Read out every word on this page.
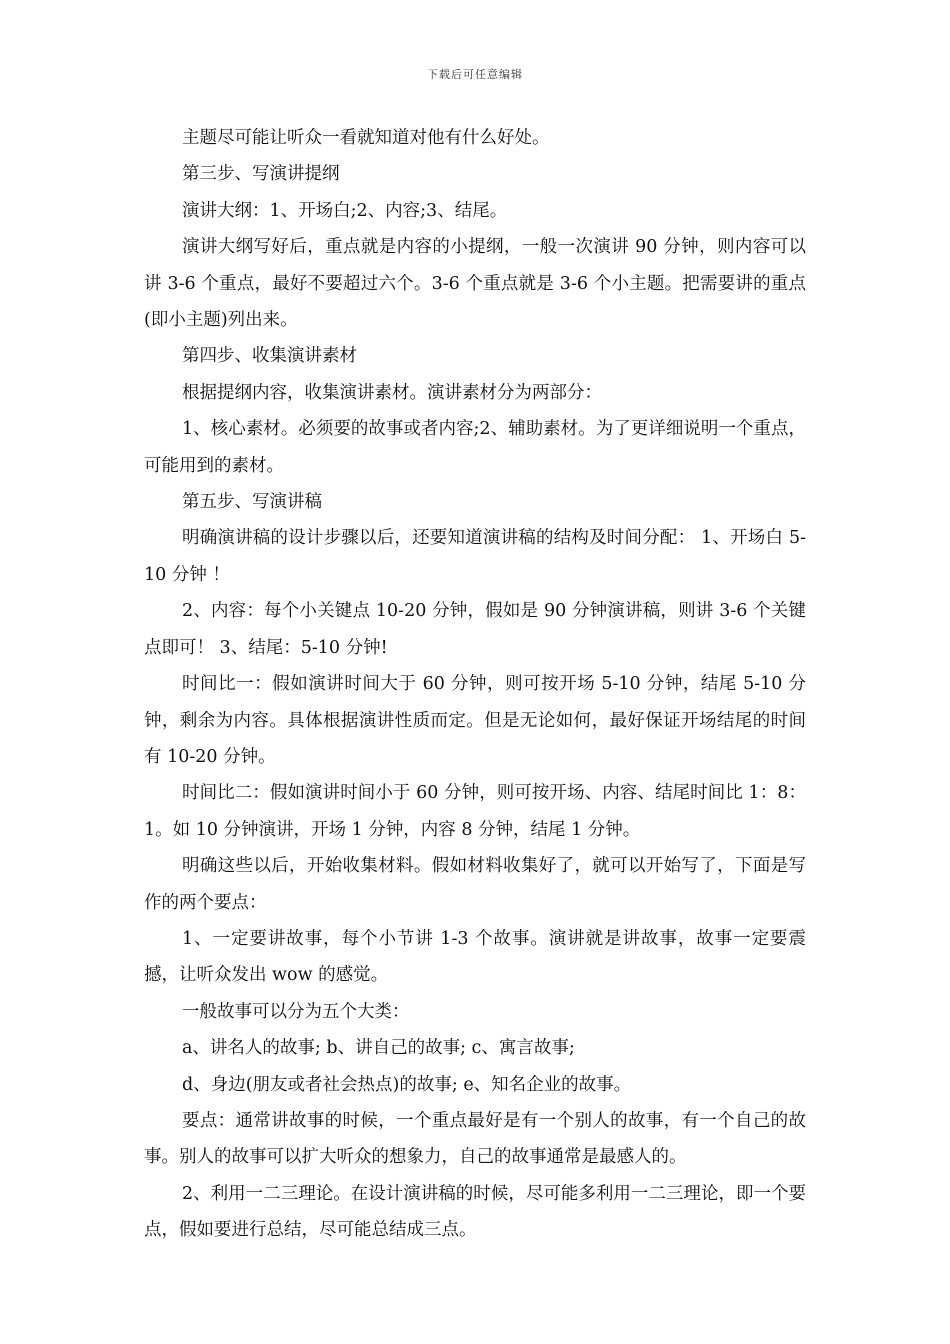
下载后可任意编辑

主题尽可能让听众一看就知道对他有什么好处。

第三步、写演讲提纲

演讲大纲：1、开场白;2、内容;3、结尾。

演讲大纲写好后，重点就是内容的小提纲，一般一次演讲 90 分钟，则内容可以讲 3-6 个重点，最好不要超过六个。3-6 个重点就是 3-6 个小主题。把需要讲的重点(即小主题)列出来。

第四步、收集演讲素材

根据提纲内容，收集演讲素材。演讲素材分为两部分：

1、核心素材。必须要的故事或者内容;2、辅助素材。为了更详细说明一个重点，可能用到的素材。

第五步、写演讲稿

明确演讲稿的设计步骤以后，还要知道演讲稿的结构及时间分配： 1、开场白 5-10 分钟 ！

2、内容：每个小关键点 10-20 分钟，假如是 90 分钟演讲稿，则讲 3-6 个关键点即可！ 3、结尾：5-10 分钟!

时间比一：假如演讲时间大于 60 分钟，则可按开场 5-10 分钟，结尾 5-10 分钟，剩余为内容。具体根据演讲性质而定。但是无论如何，最好保证开场结尾的时间有 10-20 分钟。

时间比二：假如演讲时间小于 60 分钟，则可按开场、内容、结尾时间比 1：8：1。如 10 分钟演讲，开场 1 分钟，内容 8 分钟，结尾 1 分钟。

明确这些以后，开始收集材料。假如材料收集好了，就可以开始写了，下面是写作的两个要点：

1、一定要讲故事，每个小节讲 1-3 个故事。演讲就是讲故事，故事一定要震撼，让听众发出 wow 的感觉。

一般故事可以分为五个大类：

a、讲名人的故事; b、讲自己的故事; c、寓言故事;

d、身边(朋友或者社会热点)的故事; e、知名企业的故事。

要点：通常讲故事的时候，一个重点最好是有一个别人的故事，有一个自己的故事。别人的故事可以扩大听众的想象力，自己的故事通常是最感人的。

2、利用一二三理论。在设计演讲稿的时候，尽可能多利用一二三理论，即一个要点，假如要进行总结，尽可能总结成三点。
